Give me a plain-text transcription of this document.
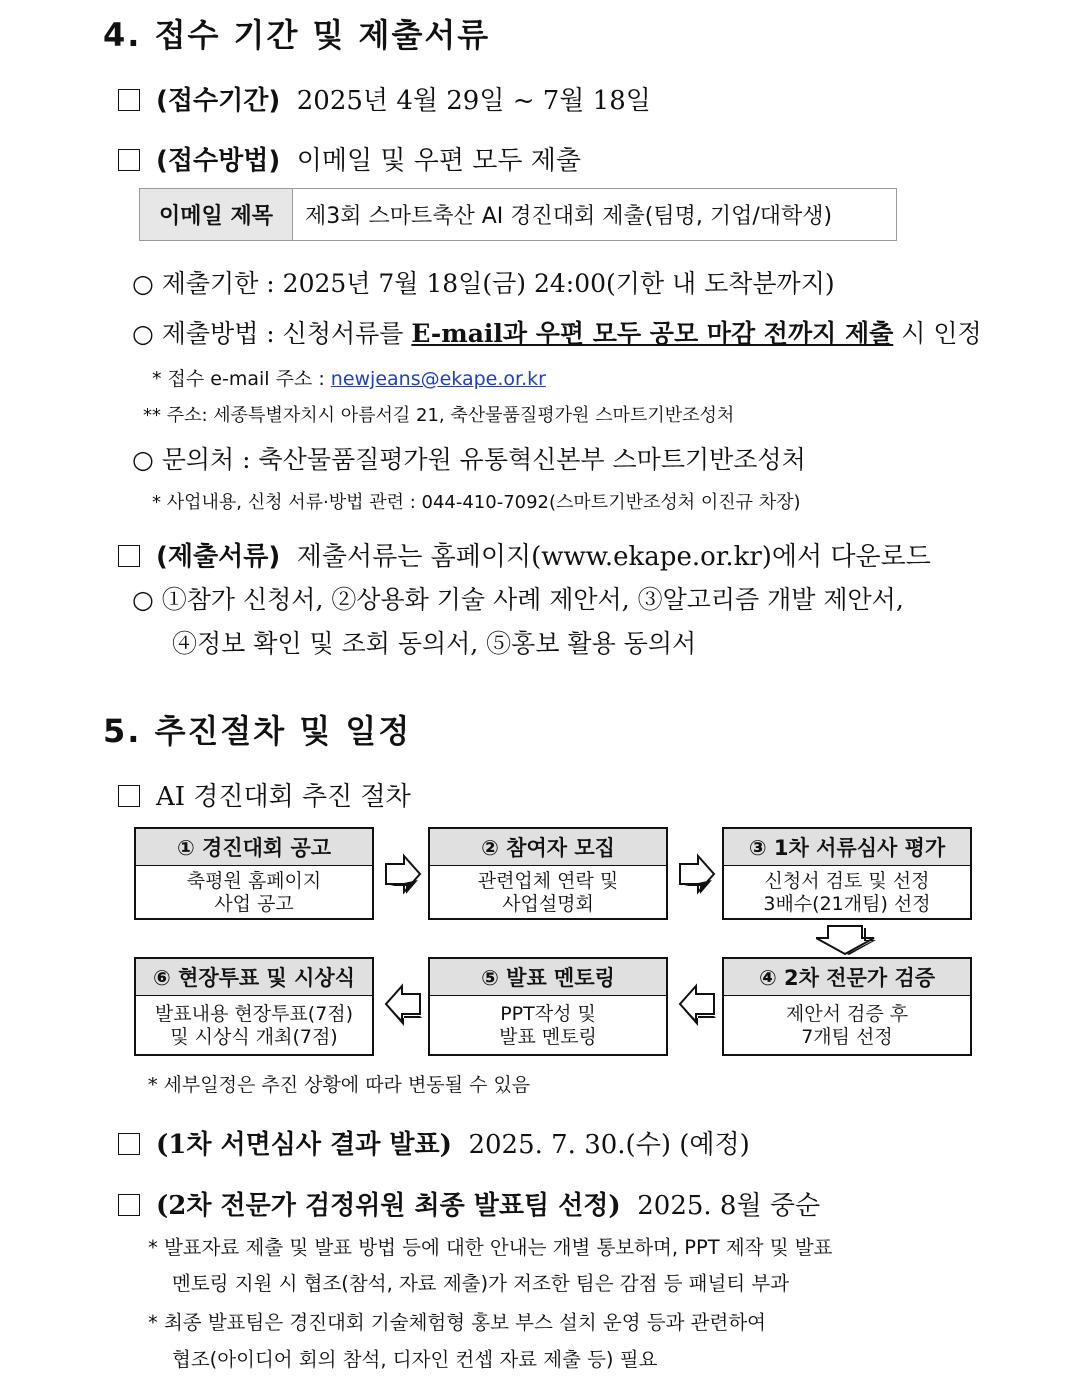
4. 접수 기간 및 제출서류
(접수기간) 2025년 4월 29일 ~ 7월 18일
(접수방법) 이메일 및 우편 모두 제출
이메일 제목	제3회 스마트축산 AI 경진대회 제출(팀명, 기업/대학생)
○ 제출기한 : 2025년 7월 18일(금) 24:00(기한 내 도착분까지)
○ 제출방법 : 신청서류를 E-mail과 우편 모두 공모 마감 전까지 제출 시 인정
* 접수 e-mail 주소 : newjeans@ekape.or.kr
** 주소: 세종특별자치시 아름서길 21, 축산물품질평가원 스마트기반조성처
○ 문의처 : 축산물품질평가원 유통혁신본부 스마트기반조성처
* 사업내용, 신청 서류·방법 관련 : 044-410-7092(스마트기반조성처 이진규 차장)
(제출서류) 제출서류는 홈페이지(www.ekape.or.kr)에서 다운로드
○ ①참가 신청서, ②상용화 기술 사례 제안서, ③알고리즘 개발 제안서,
④정보 확인 및 조회 동의서, ⑤홍보 활용 동의서
5. 추진절차 및 일정
AI 경진대회 추진 절차
① 경진대회 공고
축평원 홈페이지
사업 공고
② 참여자 모집
관련업체 연락 및
사업설명회
③ 1차 서류심사 평가
신청서 검토 및 선정
3배수(21개팀) 선정
④ 2차 전문가 검증
제안서 검증 후
7개팀 선정
⑤ 발표 멘토링
PPT작성 및
발표 멘토링
⑥ 현장투표 및 시상식
발표내용 현장투표(7점)
및 시상식 개최(7점)
* 세부일정은 추진 상황에 따라 변동될 수 있음
(1차 서면심사 결과 발표) 2025. 7. 30.(수) (예정)
(2차 전문가 검정위원 최종 발표팀 선정) 2025. 8월 중순
* 발표자료 제출 및 발표 방법 등에 대한 안내는 개별 통보하며, PPT 제작 및 발표
멘토링 지원 시 협조(참석, 자료 제출)가 저조한 팀은 감점 등 패널티 부과
* 최종 발표팀은 경진대회 기술체험형 홍보 부스 설치 운영 등과 관련하여
협조(아이디어 회의 참석, 디자인 컨셉 자료 제출 등) 필요
